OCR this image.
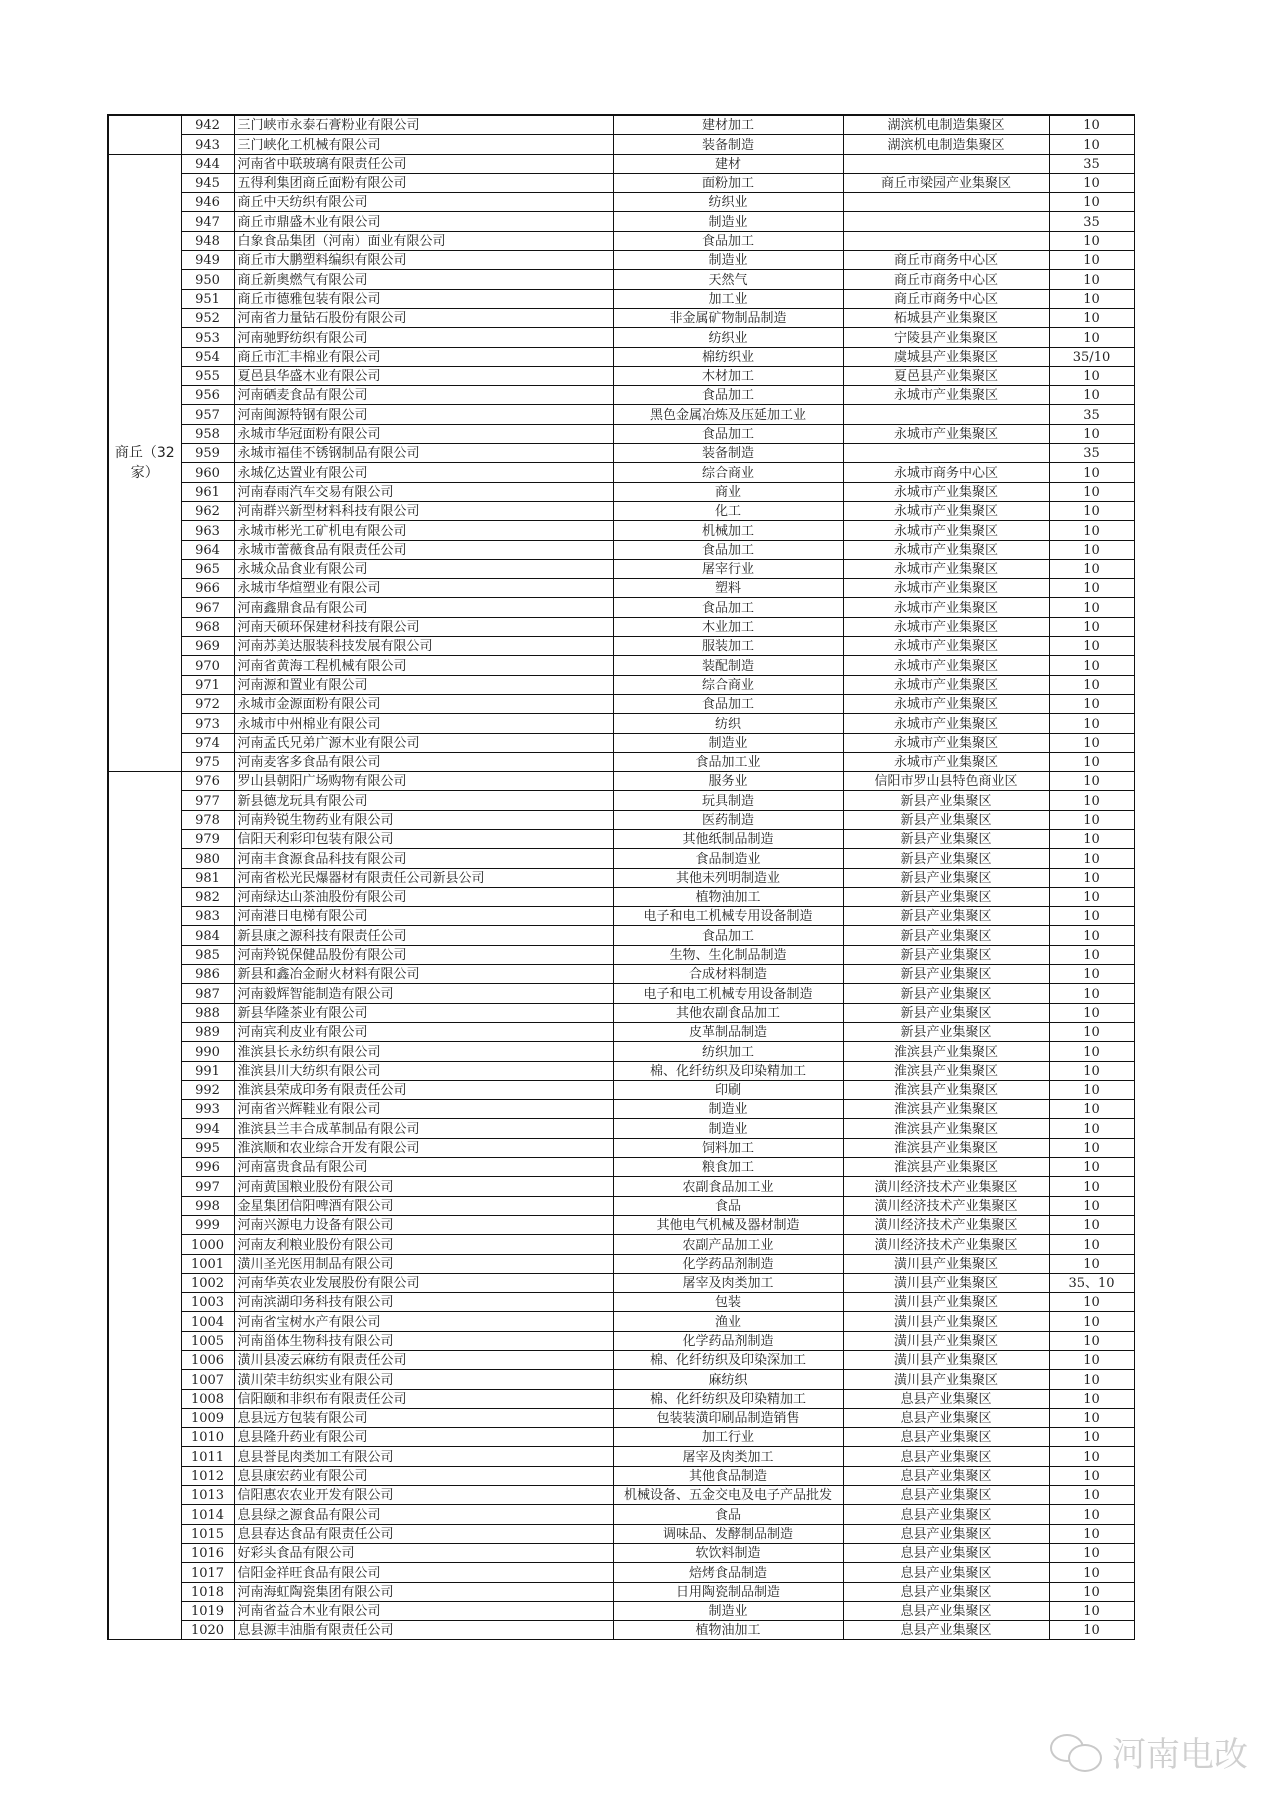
	942	三门峡市永泰石膏粉业有限公司	建材加工	湖滨机电制造集聚区	10
	943	三门峡化工机械有限公司	装备制造	湖滨机电制造集聚区	10
商丘（32家）	944	河南省中联玻璃有限责任公司	建材		35
	945	五得利集团商丘面粉有限公司	面粉加工	商丘市梁园产业集聚区	10
	946	商丘中天纺织有限公司	纺织业		10
	947	商丘市鼎盛木业有限公司	制造业		35
	948	白象食品集团（河南）面业有限公司	食品加工		10
	949	商丘市大鹏塑料编织有限公司	制造业	商丘市商务中心区	10
	950	商丘新奥燃气有限公司	天然气	商丘市商务中心区	10
	951	商丘市德雅包装有限公司	加工业	商丘市商务中心区	10
	952	河南省力量钻石股份有限公司	非金属矿物制品制造	柘城县产业集聚区	10
	953	河南驰野纺织有限公司	纺织业	宁陵县产业集聚区	10
	954	商丘市汇丰棉业有限公司	棉纺织业	虞城县产业集聚区	35/10
	955	夏邑县华盛木业有限公司	木材加工	夏邑县产业集聚区	10
	956	河南硒麦食品有限公司	食品加工	永城市产业集聚区	10
	957	河南闽源特钢有限公司	黑色金属冶炼及压延加工业		35
	958	永城市华冠面粉有限公司	食品加工	永城市产业集聚区	10
	959	永城市福佳不锈钢制品有限公司	装备制造		35
	960	永城亿达置业有限公司	综合商业	永城市商务中心区	10
	961	河南春雨汽车交易有限公司	商业	永城市产业集聚区	10
	962	河南群兴新型材料科技有限公司	化工	永城市产业集聚区	10
	963	永城市彬光工矿机电有限公司	机械加工	永城市产业集聚区	10
	964	永城市蕾薇食品有限责任公司	食品加工	永城市产业集聚区	10
	965	永城众品食业有限公司	屠宰行业	永城市产业集聚区	10
	966	永城市华煊塑业有限公司	塑料	永城市产业集聚区	10
	967	河南鑫鼎食品有限公司	食品加工	永城市产业集聚区	10
	968	河南天硕环保建材科技有限公司	木业加工	永城市产业集聚区	10
	969	河南苏美达服装科技发展有限公司	服装加工	永城市产业集聚区	10
	970	河南省黄海工程机械有限公司	装配制造	永城市产业集聚区	10
	971	河南源和置业有限公司	综合商业	永城市产业集聚区	10
	972	永城市金源面粉有限公司	食品加工	永城市产业集聚区	10
	973	永城市中州棉业有限公司	纺织	永城市产业集聚区	10
	974	河南孟氏兄弟广源木业有限公司	制造业	永城市产业集聚区	10
	975	河南麦客多食品有限公司	食品加工业	永城市产业集聚区	10
	976	罗山县朝阳广场购物有限公司	服务业	信阳市罗山县特色商业区	10
	977	新县德龙玩具有限公司	玩具制造	新县产业集聚区	10
	978	河南羚锐生物药业有限公司	医药制造	新县产业集聚区	10
	979	信阳天利彩印包装有限公司	其他纸制品制造	新县产业集聚区	10
	980	河南丰食源食品科技有限公司	食品制造业	新县产业集聚区	10
	981	河南省松光民爆器材有限责任公司新县公司	其他未列明制造业	新县产业集聚区	10
	982	河南绿达山茶油股份有限公司	植物油加工	新县产业集聚区	10
	983	河南港日电梯有限公司	电子和电工机械专用设备制造	新县产业集聚区	10
	984	新县康之源科技有限责任公司	食品加工	新县产业集聚区	10
	985	河南羚锐保健品股份有限公司	生物、生化制品制造	新县产业集聚区	10
	986	新县和鑫冶金耐火材料有限公司	合成材料制造	新县产业集聚区	10
	987	河南毅辉智能制造有限公司	电子和电工机械专用设备制造	新县产业集聚区	10
	988	新县华隆茶业有限公司	其他农副食品加工	新县产业集聚区	10
	989	河南宾利皮业有限公司	皮革制品制造	新县产业集聚区	10
	990	淮滨县长永纺织有限公司	纺织加工	淮滨县产业集聚区	10
	991	淮滨县川大纺织有限公司	棉、化纤纺织及印染精加工	淮滨县产业集聚区	10
	992	淮滨县荣成印务有限责任公司	印刷	淮滨县产业集聚区	10
	993	河南省兴辉鞋业有限公司	制造业	淮滨县产业集聚区	10
	994	淮滨县兰丰合成革制品有限公司	制造业	淮滨县产业集聚区	10
	995	淮滨顺和农业综合开发有限公司	饲料加工	淮滨县产业集聚区	10
	996	河南富贵食品有限公司	粮食加工	淮滨县产业集聚区	10
	997	河南黄国粮业股份有限公司	农副食品加工业	潢川经济技术产业集聚区	10
	998	金星集团信阳啤酒有限公司	食品	潢川经济技术产业集聚区	10
	999	河南兴源电力设备有限公司	其他电气机械及器材制造	潢川经济技术产业集聚区	10
	1000	河南友利粮业股份有限公司	农副产品加工业	潢川经济技术产业集聚区	10
	1001	潢川圣光医用制品有限公司	化学药品剂制造	潢川县产业集聚区	10
	1002	河南华英农业发展股份有限公司	屠宰及肉类加工	潢川县产业集聚区	35、10
	1003	河南滨湖印务科技有限公司	包装	潢川县产业集聚区	10
	1004	河南省宝树水产有限公司	渔业	潢川县产业集聚区	10
	1005	河南甾体生物科技有限公司	化学药品剂制造	潢川县产业集聚区	10
	1006	潢川县凌云麻纺有限责任公司	棉、化纤纺织及印染深加工	潢川县产业集聚区	10
	1007	潢川荣丰纺织实业有限公司	麻纺织	潢川县产业集聚区	10
	1008	信阳颐和非织布有限责任公司	棉、化纤纺织及印染精加工	息县产业集聚区	10
	1009	息县远方包装有限公司	包装装潢印刷品制造销售	息县产业集聚区	10
	1010	息县隆升药业有限公司	加工行业	息县产业集聚区	10
	1011	息县誉昆肉类加工有限公司	屠宰及肉类加工	息县产业集聚区	10
	1012	息县康宏药业有限公司	其他食品制造	息县产业集聚区	10
	1013	信阳惠农农业开发有限公司	机械设备、五金交电及电子产品批发	息县产业集聚区	10
	1014	息县绿之源食品有限公司	食品	息县产业集聚区	10
	1015	息县春达食品有限责任公司	调味品、发酵制品制造	息县产业集聚区	10
	1016	好彩头食品有限公司	软饮料制造	息县产业集聚区	10
	1017	信阳金祥旺食品有限公司	焙烤食品制造	息县产业集聚区	10
	1018	河南海虹陶瓷集团有限公司	日用陶瓷制品制造	息县产业集聚区	10
	1019	河南省益合木业有限公司	制造业	息县产业集聚区	10
	1020	息县源丰油脂有限责任公司	植物油加工	息县产业集聚区	10
河南电改
